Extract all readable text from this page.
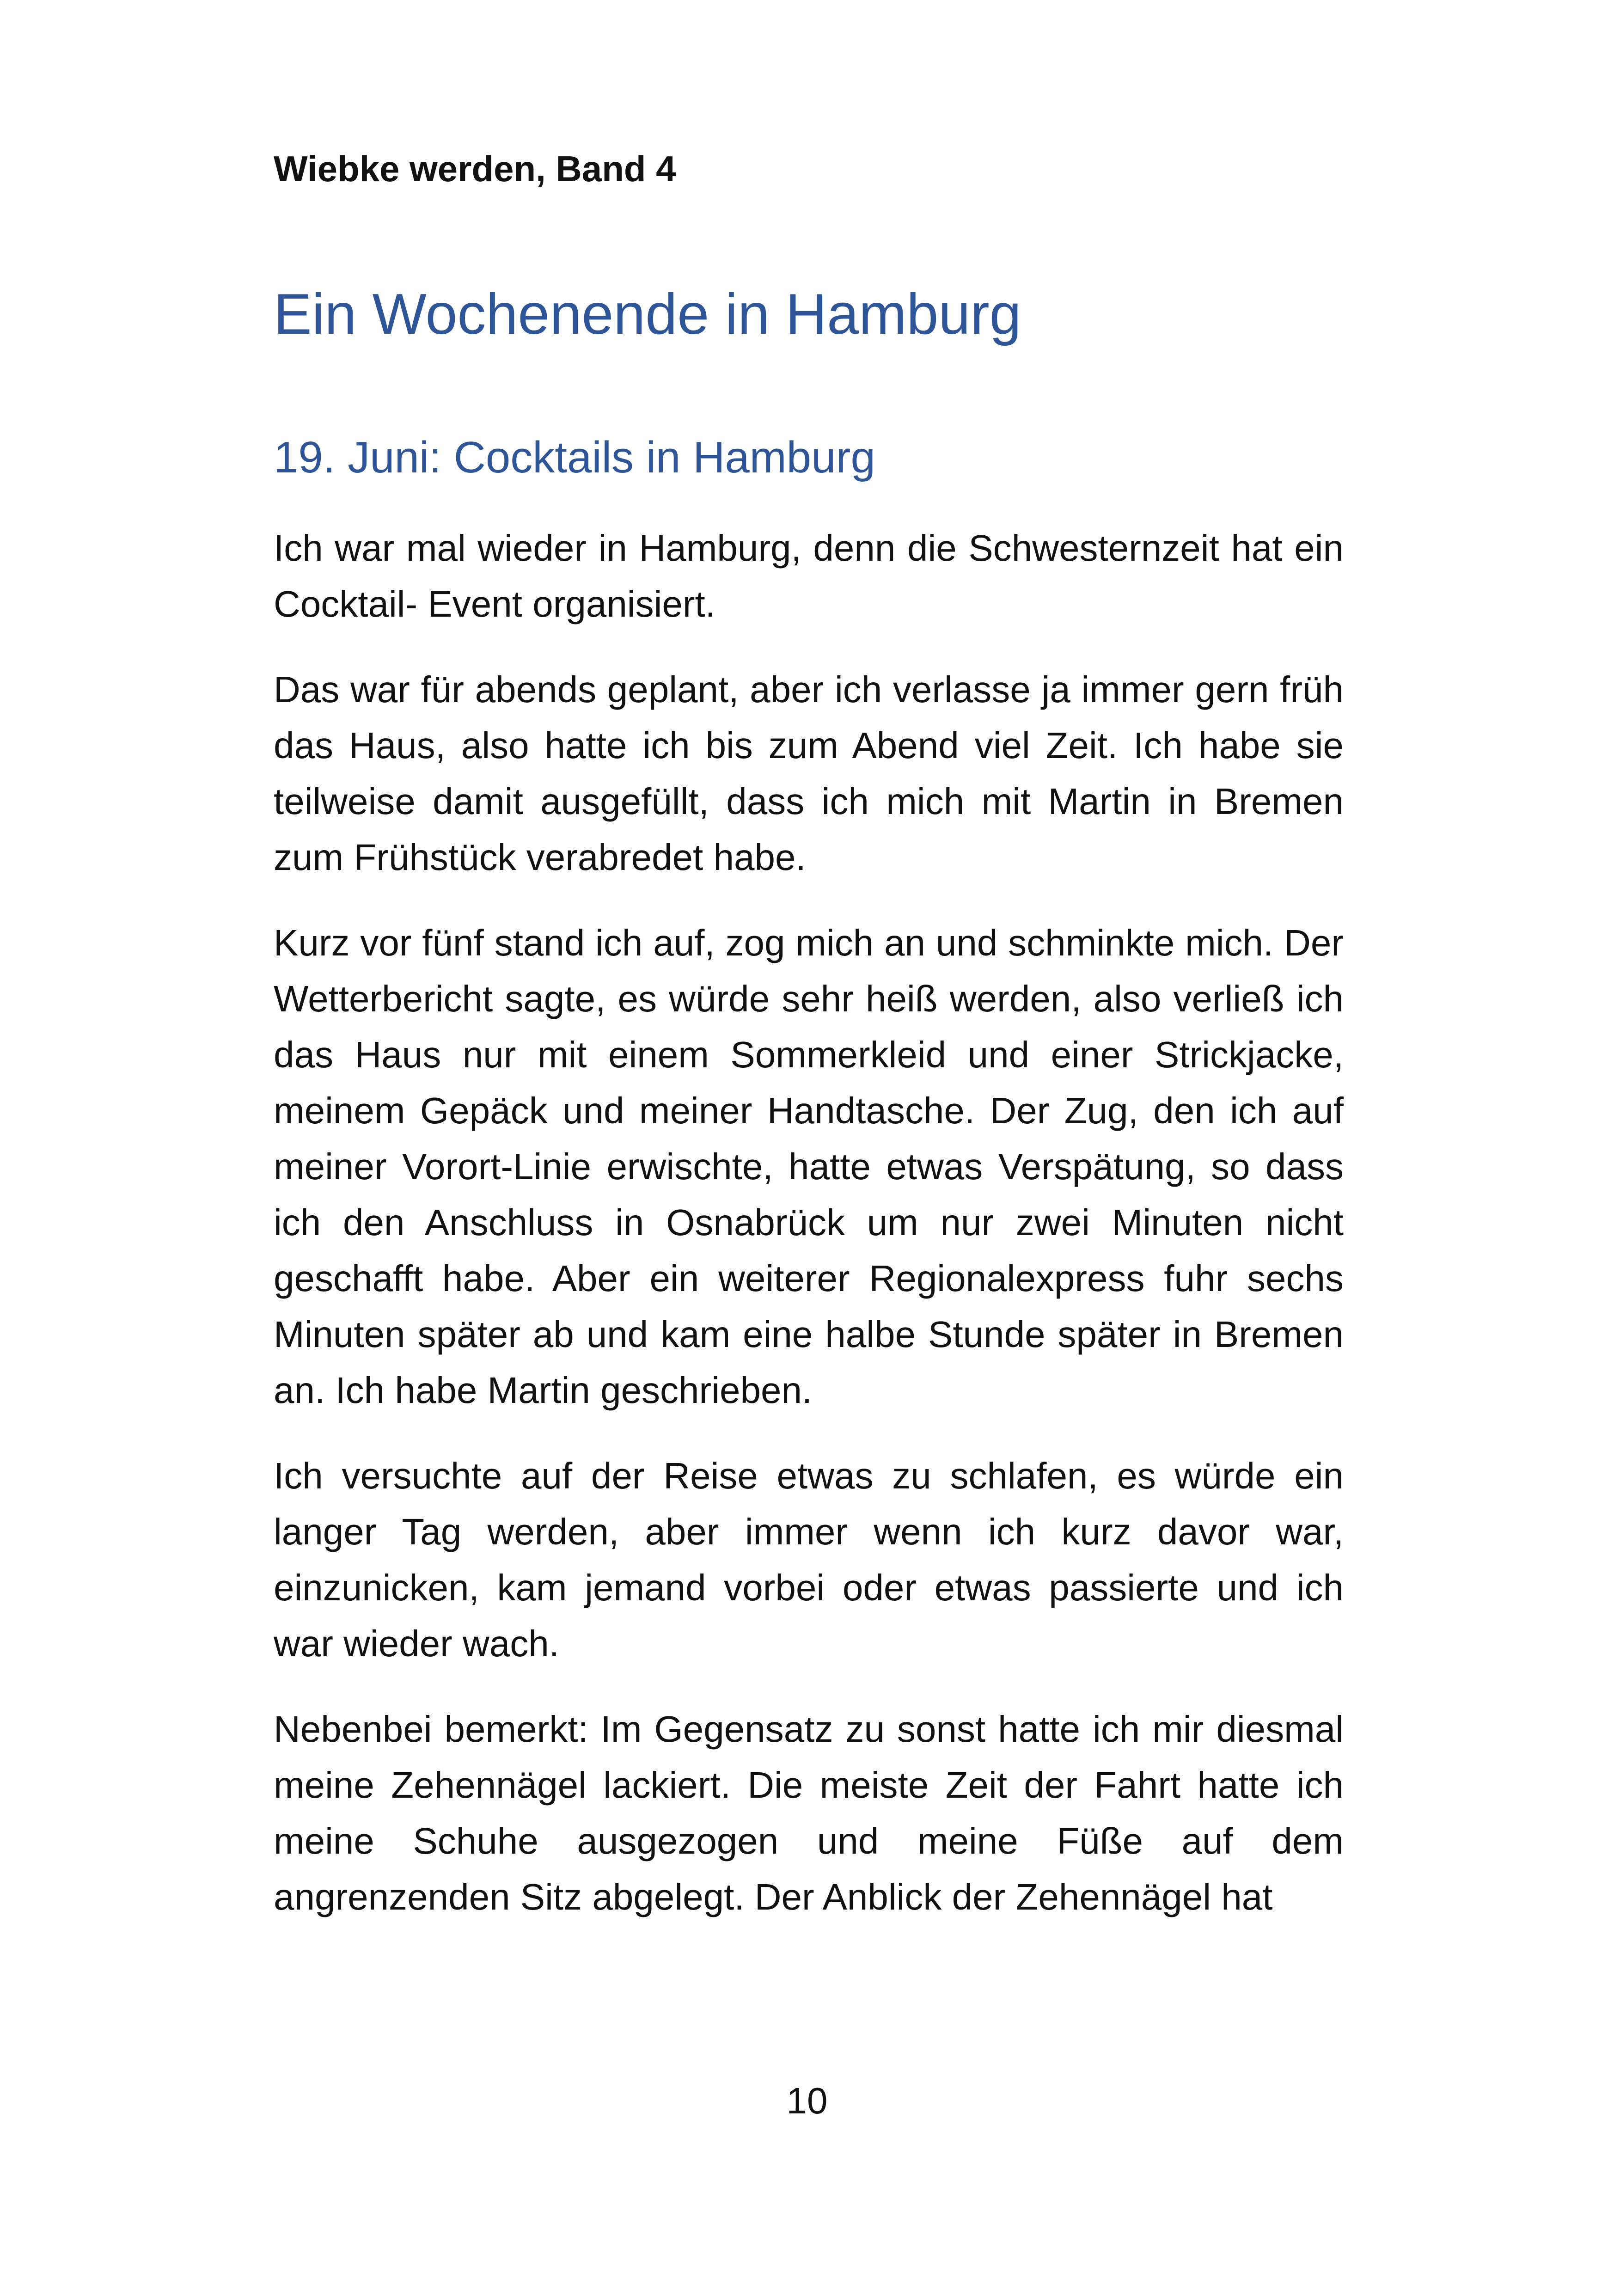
Wiebke werden, Band 4
Ein Wochenende in Hamburg
19. Juni: Cocktails in Hamburg

Ich war mal wieder in Hamburg, denn die Schwesternzeit hat ein Cocktail- Event organisiert.

Das war für abends geplant, aber ich verlasse ja immer gern früh das Haus, also hatte ich bis zum Abend viel Zeit. Ich habe sie teilweise damit ausgefüllt, dass ich mich mit Martin in Bremen zum Frühstück verabredet habe.

Kurz vor fünf stand ich auf, zog mich an und schminkte mich. Der Wetterbericht sagte, es würde sehr heiß werden, also verließ ich das Haus nur mit einem Sommerkleid und einer Strickjacke, meinem Gepäck und meiner Handtasche. Der Zug, den ich auf meiner Vorort-Linie erwischte, hatte etwas Verspätung, so dass ich den Anschluss in Osnabrück um nur zwei Minuten nicht geschafft habe. Aber ein weiterer Regionalexpress fuhr sechs Minuten später ab und kam eine halbe Stunde später in Bremen an. Ich habe Martin geschrieben.

Ich versuchte auf der Reise etwas zu schlafen, es würde ein langer Tag werden, aber immer wenn ich kurz davor war, einzunicken, kam jemand vorbei oder etwas passierte und ich war wieder wach.

Nebenbei bemerkt: Im Gegensatz zu sonst hatte ich mir diesmal meine Zehennägel lackiert. Die meiste Zeit der Fahrt hatte ich meine Schuhe ausgezogen und meine Füße auf dem angrenzenden Sitz abgelegt. Der Anblick der Zehennägel hat

10
